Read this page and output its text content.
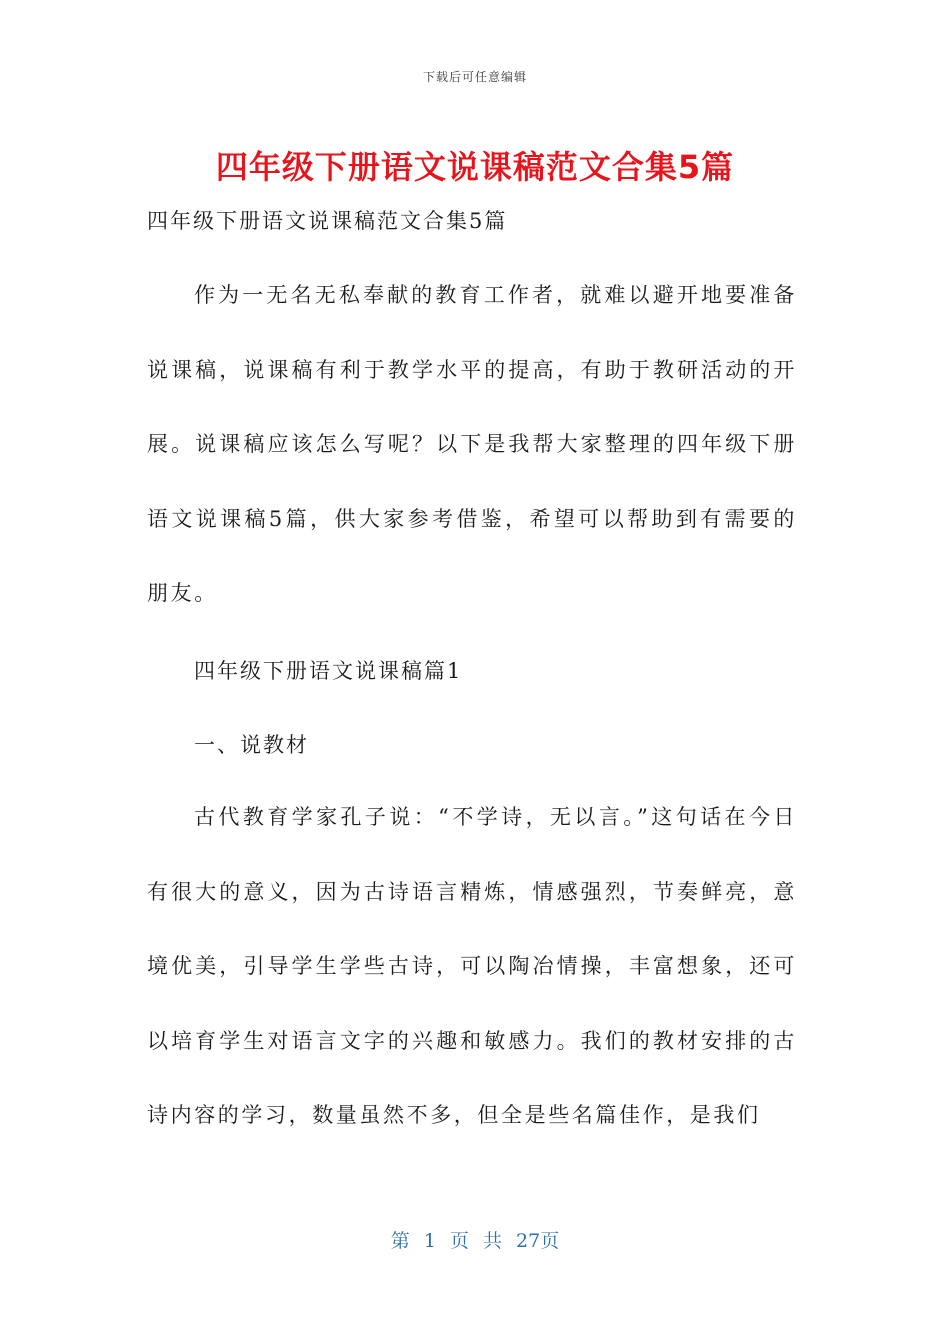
下载后可任意编辑
四年级下册语文说课稿范文合集5篇
四年级下册语文说课稿范文合集5篇

作为一无名无私奉献的教育工作者，就难以避开地要准备说课稿，说课稿有利于教学水平的提高，有助于教研活动的开展。说课稿应该怎么写呢？以下是我帮大家整理的四年级下册语文说课稿5篇，供大家参考借鉴，希望可以帮助到有需要的朋友。

四年级下册语文说课稿篇1
一、说教材

古代教育学家孔子说：“不学诗，无以言。”这句话在今日有很大的意义，因为古诗语言精炼，情感强烈，节奏鲜亮，意境优美，引导学生学些古诗，可以陶冶情操，丰富想象，还可以培育学生对语言文字的兴趣和敏感力。我们的教材安排的古诗内容的学习，数量虽然不多，但全是些名篇佳作，是我们

第 1 页 共 27页
